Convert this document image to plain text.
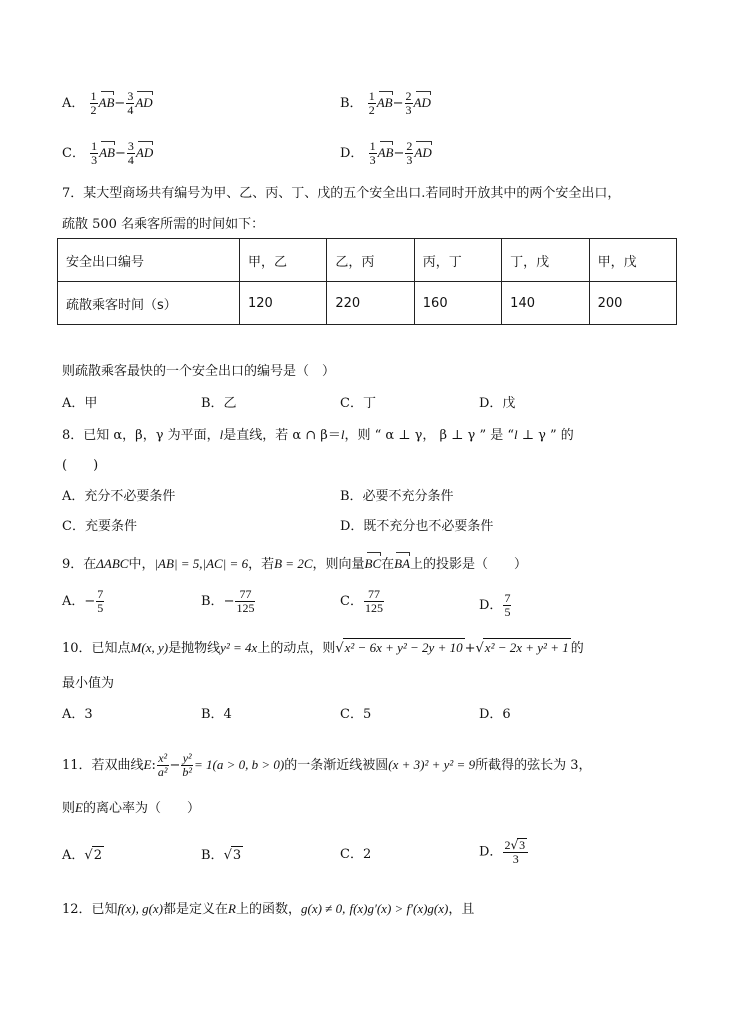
A． $\frac{1}{2} AB- \frac{3}{4}$ AD	B． $\frac{1}{2} AB- \frac{2}{3}$ AD
C． $\frac{1}{3} AB- \frac{3}{4}$ AD	D． $\frac{1}{3} AB- \frac{2}{3}$ AD
7．某大型商场共有编号为甲、乙、丙、丁、戊的五个安全出口.若同时开放其中的两个安全出口，
疏散 500 名乘客所需的时间如下：
安全出口编号	甲，乙	乙，丙	丙，丁	丁，戊	甲，戊
疏散乘客时间（s）	120	220	160	140	200
则疏散乘客最快的一个安全出口的编号是（　）
A．甲	B．乙	C．丁	D．戊
8．已知 α，β，γ 为平面，l是直线，若 α ∩ β＝l，则 “ α ⊥ γ， β ⊥ γ ” 是 “l ⊥ γ ” 的
(　　)
A．充分不必要条件	B．必要不充分条件
C．充要条件	D．既不充分也不必要条件
9．在ΔABC中，|AB| = 5,|AC| = 6，若B = 2C，则向量BC在BA上的投影是（　　）
A．− $\frac{7}{5}$	B．− $\frac{77}{125}$	C． $\frac{77}{125}$	D． $\frac{7}{5}$
10．已知点M(x, y)是抛物线y² = 4x上的动点，则√x² − 6x + y² − 2y + 10 +√x² − 2x + y² + 1 的
最小值为
A．3	B．4	C．5	D．6
11．若双曲线E: $\frac{\text{x²}}{\text{a²}} - \frac{\text{y²}}{\text{b²}} = 1(a > 0$, b > 0)的一条渐近线被圆(x + 3)² + y² = 9所截得的弦长为 3，
则E的离心率为（　　）
A．√2	B．√3	C．2	D． $\frac{2√3}{3}$
12．已知f(x), g(x)都是定义在R上的函数，g(x) ≠ 0, f(x)g′(x) > f′(x)g(x)，且
